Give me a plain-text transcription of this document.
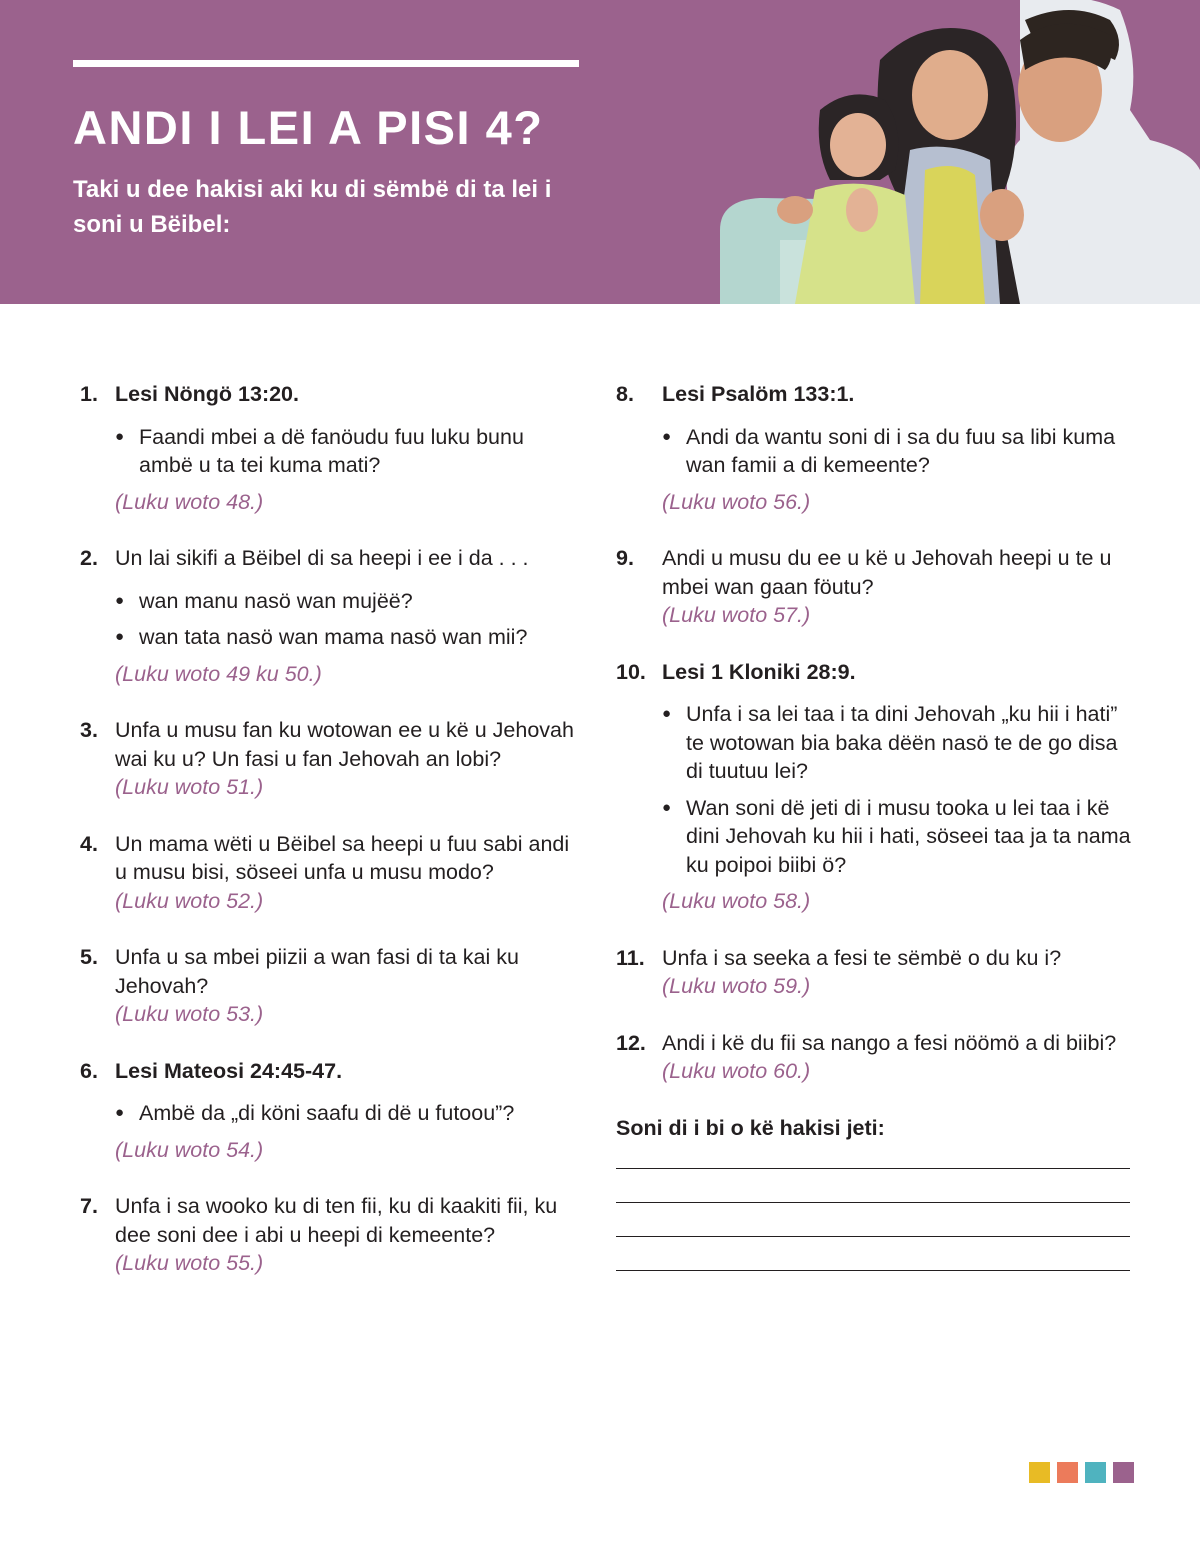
ANDI I LEI A PISI 4?

Taki u dee hakisi aki ku di sëmbë di ta lei i soni u Bëibel:

1. Lesi Nöngö 13:20.
● Faandi mbei a dë fanöudu fuu luku bunu ambë u ta tei kuma mati?
(Luku woto 48.)
2. Un lai sikifi a Bëibel di sa heepi i ee i da . . .
● wan manu nasö wan mujëë?
● wan tata nasö wan mama nasö wan mii?
(Luku woto 49 ku 50.)
3. Unfa u musu fan ku wotowan ee u kë u Jehovah wai ku u? Un fasi u fan Jehovah an lobi?
(Luku woto 51.)
4. Un mama wëti u Bëibel sa heepi u fuu sabi andi u musu bisi, söseei unfa u musu modo?
(Luku woto 52.)
5. Unfa u sa mbei piizii a wan fasi di ta kai ku Jehovah?
(Luku woto 53.)
6. Lesi Mateosi 24:45-47.
● Ambë da „di köni saafu di dë u futoou”?
(Luku woto 54.)
7. Unfa i sa wooko ku di ten fii, ku di kaakiti fii, ku dee soni dee i abi u heepi di kemeente?
(Luku woto 55.)
8. Lesi Psalöm 133:1.
● Andi da wantu soni di i sa du fuu sa libi kuma wan famii a di kemeente?
(Luku woto 56.)
9. Andi u musu du ee u kë u Jehovah heepi u te u mbei wan gaan föutu?
(Luku woto 57.)
10. Lesi 1 Kloniki 28:9.
● Unfa i sa lei taa i ta dini Jehovah „ku hii i hati” te wotowan bia baka dëën nasö te de go disa di tuutuu lei?
● Wan soni dë jeti di i musu tooka u lei taa i kë dini Jehovah ku hii i hati, söseei taa ja ta nama ku poipoi biibi ö?
(Luku woto 58.)
11. Unfa i sa seeka a fesi te sëmbë o du ku i?
(Luku woto 59.)
12. Andi i kë du fii sa nango a fesi nöömö a di biibi?
(Luku woto 60.)
Soni di i bi o kë hakisi jeti:
